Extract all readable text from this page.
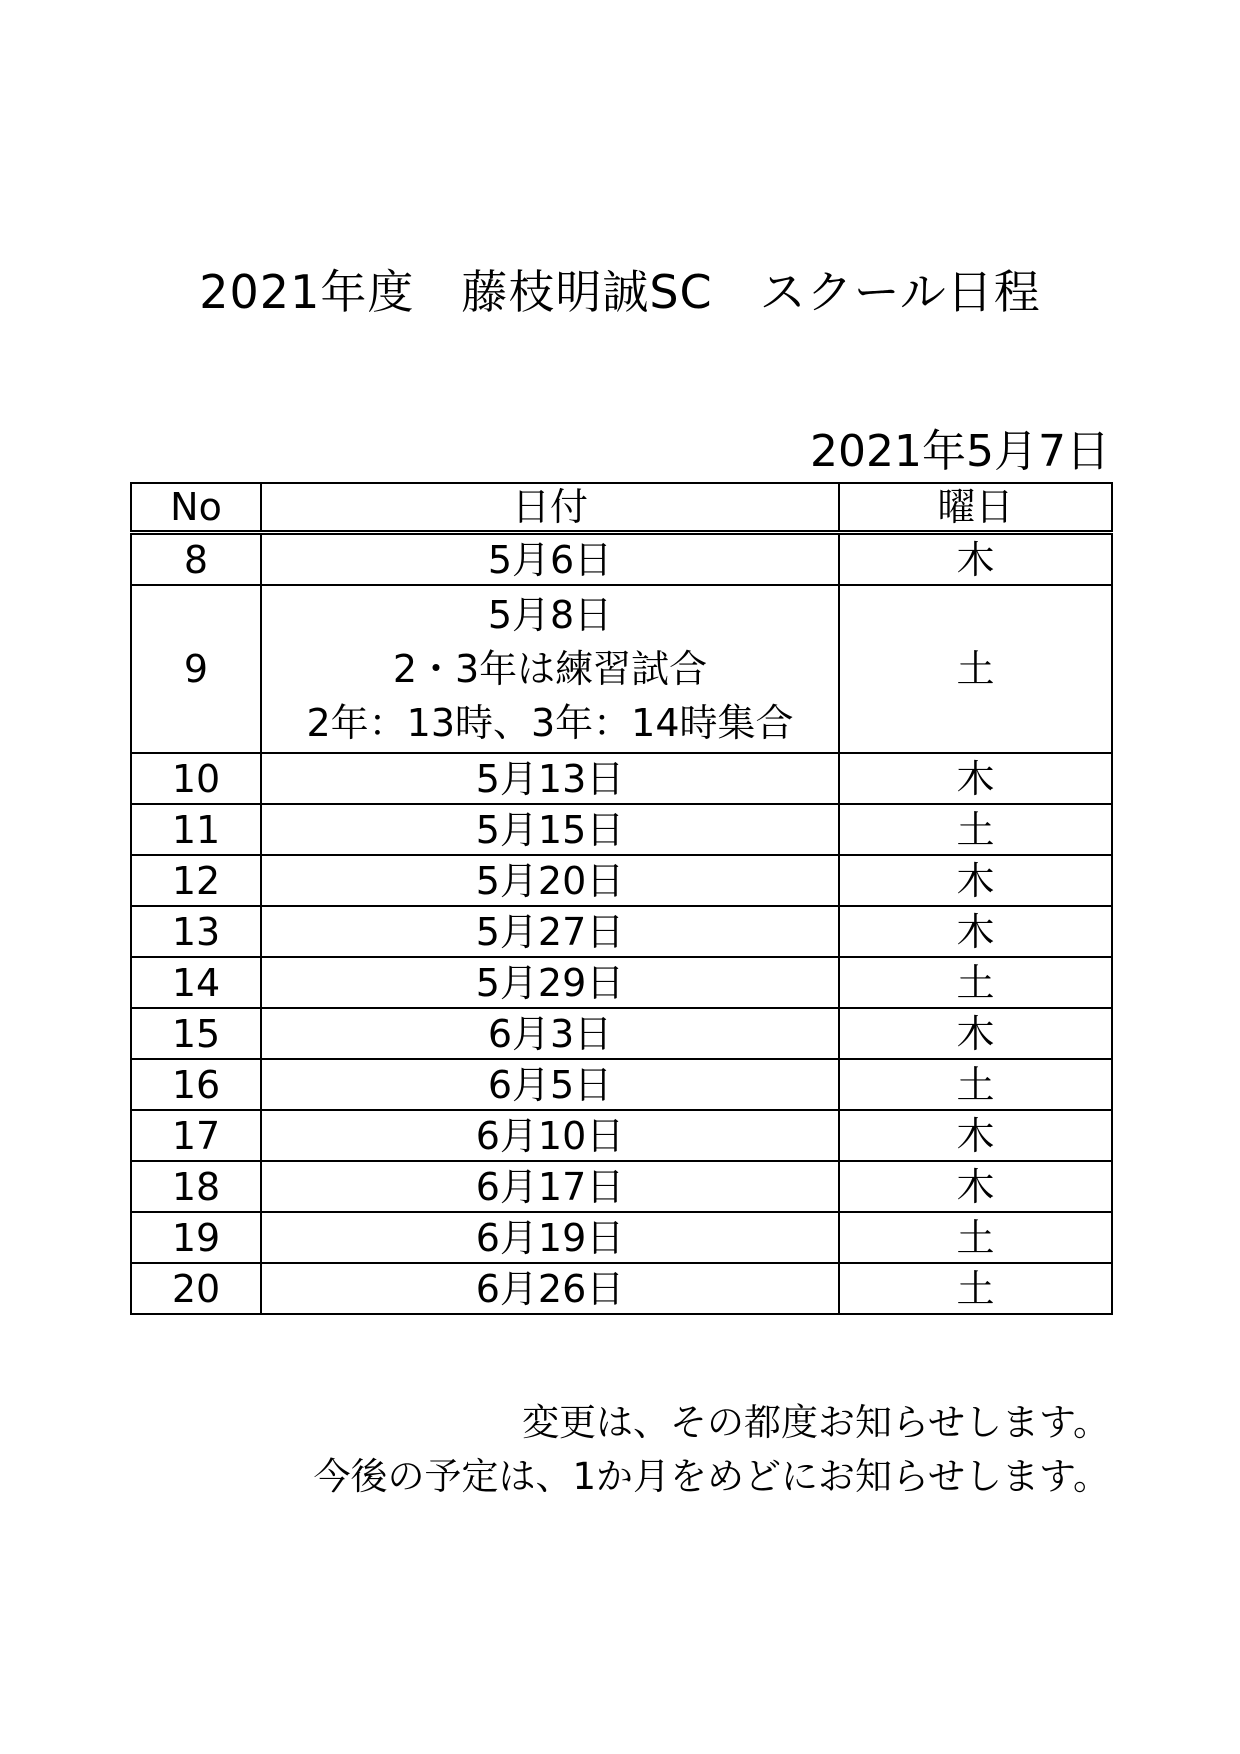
2021年度　藤枝明誠SC　スクール日程
2021年5月7日
No	日付	曜日
8	5月6日	木
9	5月8日
2・3年は練習試合
2年：13時、3年：14時集合	土
10	5月13日	木
11	5月15日	土
12	5月20日	木
13	5月27日	木
14	5月29日	土
15	6月3日	木
16	6月5日	土
17	6月10日	木
18	6月17日	木
19	6月19日	土
20	6月26日	土
変更は、その都度お知らせします。
今後の予定は、1か月をめどにお知らせします。
